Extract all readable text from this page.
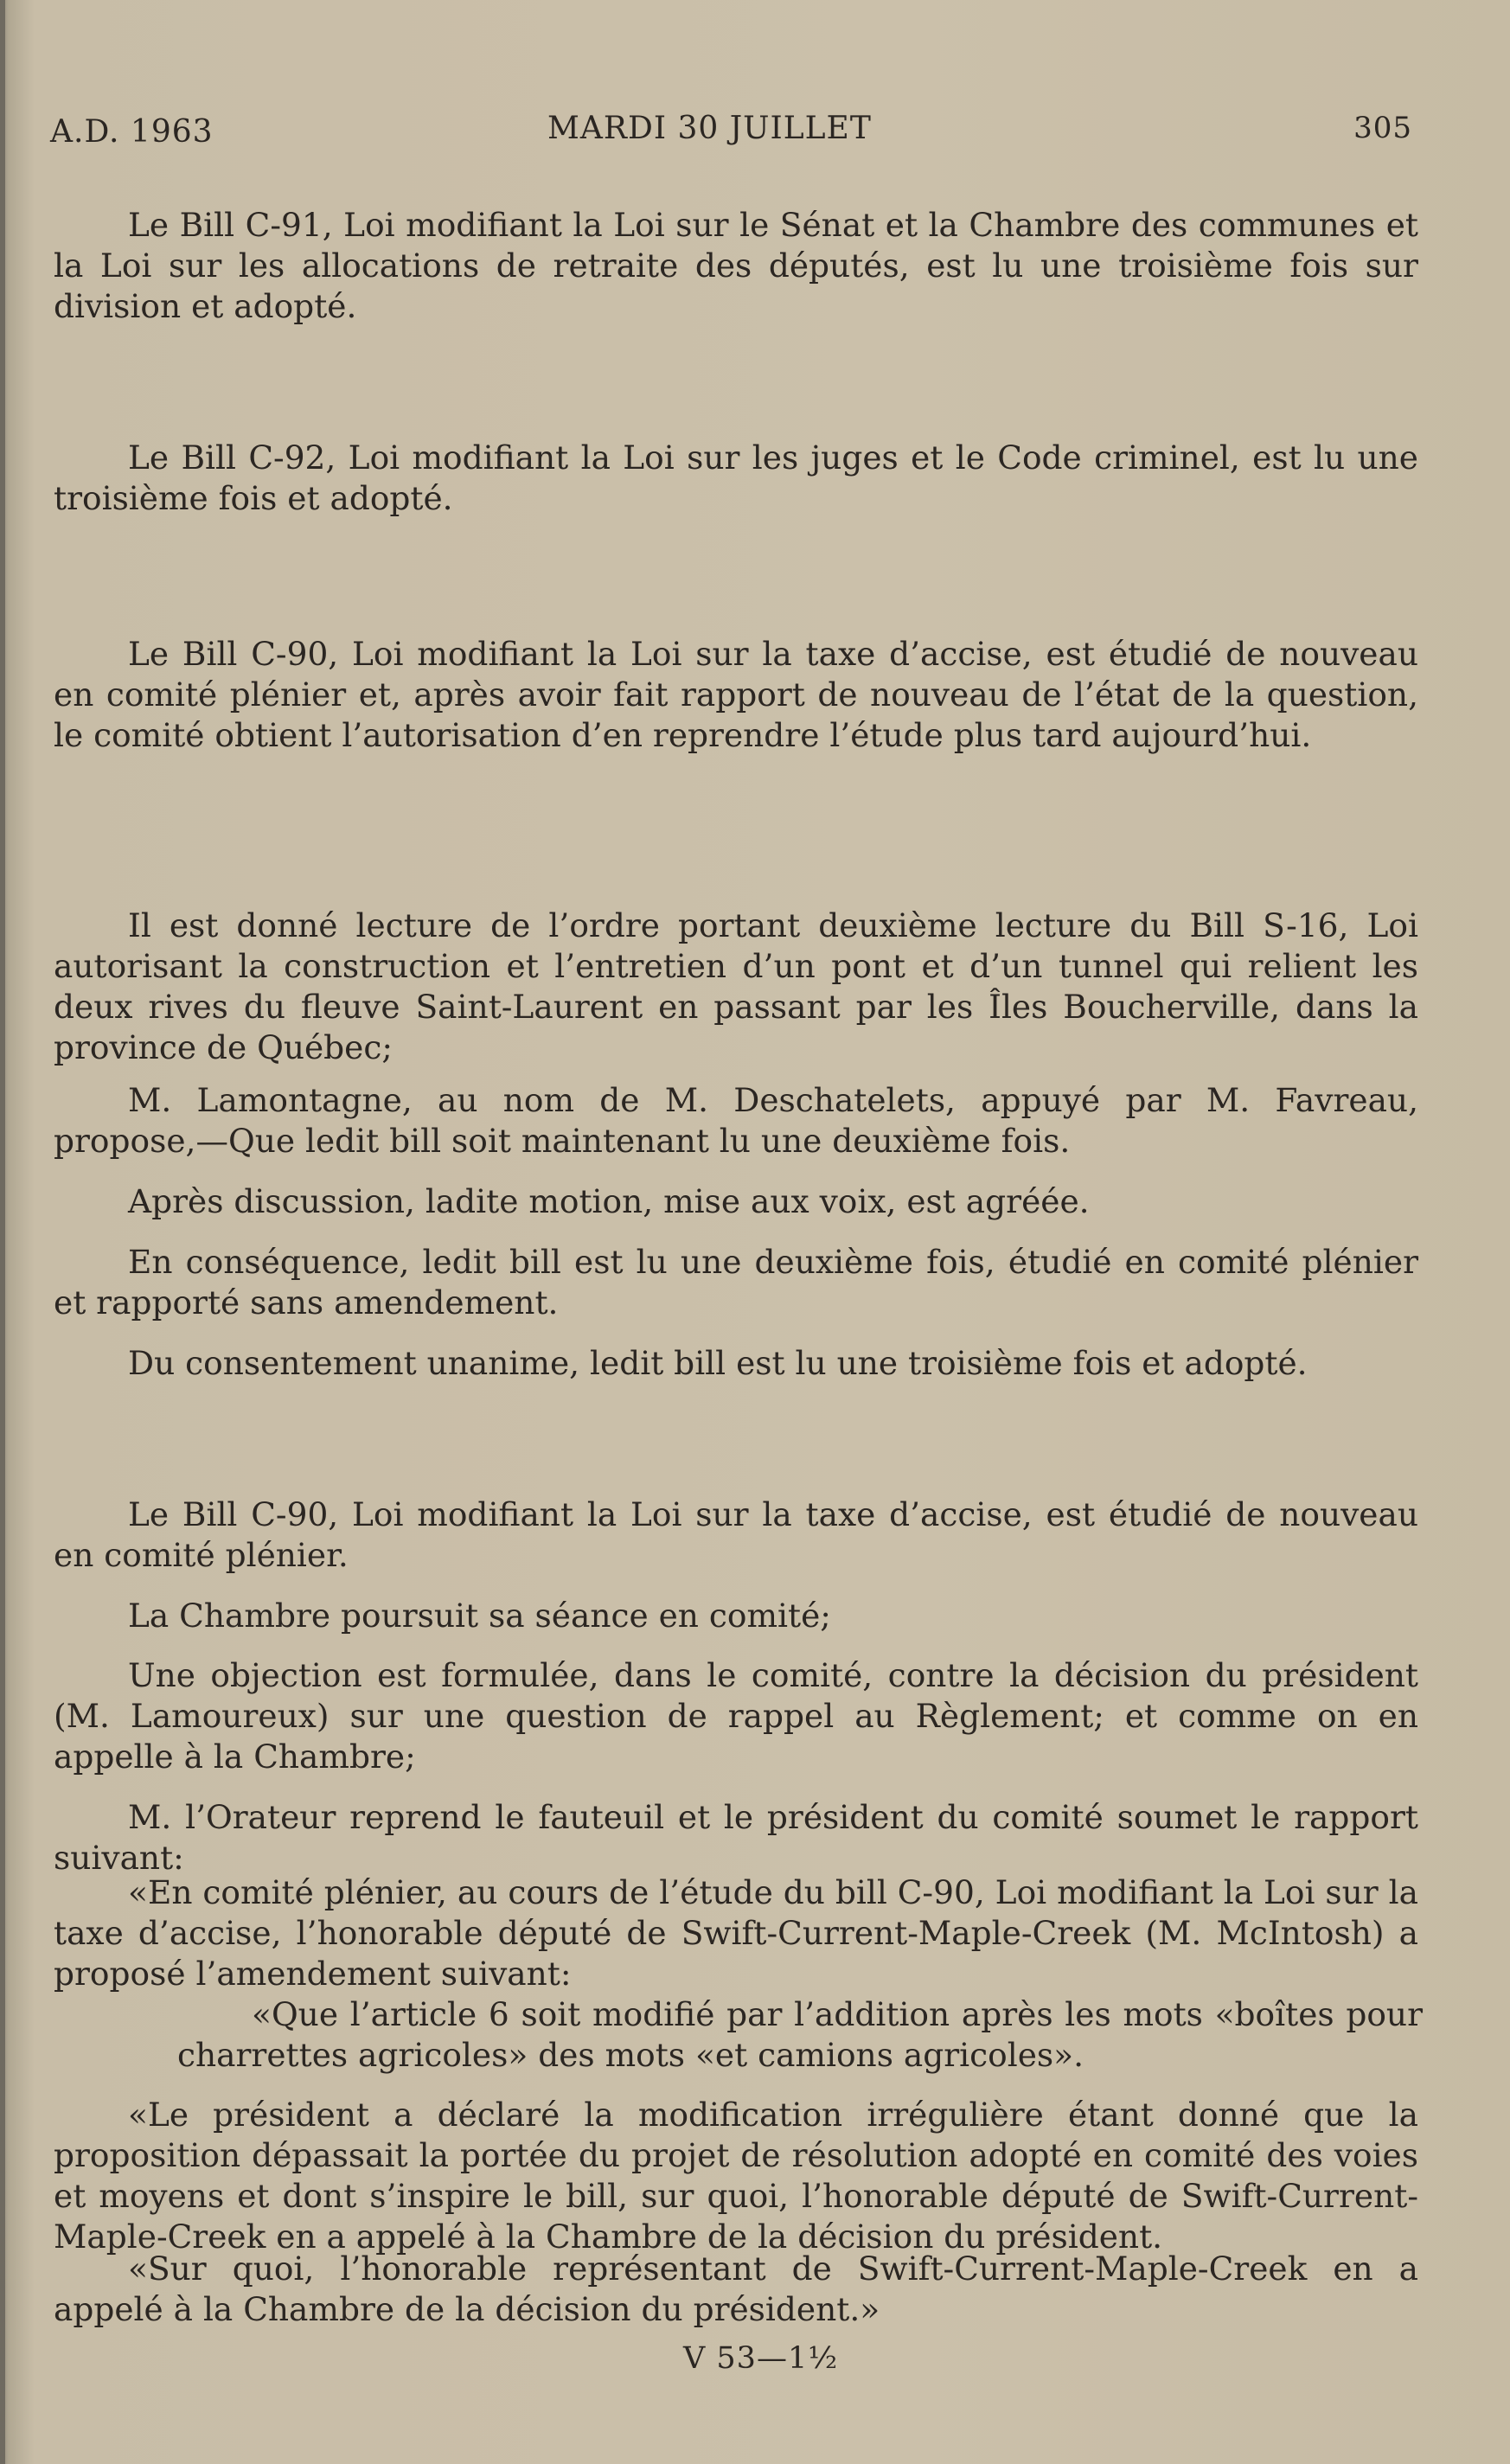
A.D. 1963	MARDI 30 JUILLET	305

Le Bill C-91, Loi modifiant la Loi sur le Sénat et la Chambre des communes et la Loi sur les allocations de retraite des députés, est lu une troisième fois sur division et adopté.

Le Bill C-92, Loi modifiant la Loi sur les juges et le Code criminel, est lu une troisième fois et adopté.

Le Bill C-90, Loi modifiant la Loi sur la taxe d’accise, est étudié de nouveau en comité plénier et, après avoir fait rapport de nouveau de l’état de la question, le comité obtient l’autorisation d’en reprendre l’étude plus tard aujourd’hui.

Il est donné lecture de l’ordre portant deuxième lecture du Bill S-16, Loi autorisant la construction et l’entretien d’un pont et d’un tunnel qui relient les deux rives du fleuve Saint-Laurent en passant par les Îles Boucherville, dans la province de Québec;

M. Lamontagne, au nom de M. Deschatelets, appuyé par M. Favreau, propose,—Que ledit bill soit maintenant lu une deuxième fois.

Après discussion, ladite motion, mise aux voix, est agréée.

En conséquence, ledit bill est lu une deuxième fois, étudié en comité plénier et rapporté sans amendement.

Du consentement unanime, ledit bill est lu une troisième fois et adopté.

Le Bill C-90, Loi modifiant la Loi sur la taxe d’accise, est étudié de nouveau en comité plénier.

La Chambre poursuit sa séance en comité;

Une objection est formulée, dans le comité, contre la décision du président (M. Lamoureux) sur une question de rappel au Règlement; et comme on en appelle à la Chambre;

M. l’Orateur reprend le fauteuil et le président du comité soumet le rapport suivant:

«En comité plénier, au cours de l’étude du bill C-90, Loi modifiant la Loi sur la taxe d’accise, l’honorable député de Swift-Current-Maple-Creek (M. McIntosh) a proposé l’amendement suivant:

«Que l’article 6 soit modifié par l’addition après les mots «boîtes pour charrettes agricoles» des mots «et camions agricoles».

«Le président a déclaré la modification irrégulière étant donné que la proposition dépassait la portée du projet de résolution adopté en comité des voies et moyens et dont s’inspire le bill, sur quoi, l’honorable député de Swift-Current-Maple-Creek en a appelé à la Chambre de la décision du président.

«Sur quoi, l’honorable représentant de Swift-Current-Maple-Creek en a appelé à la Chambre de la décision du président.»

V 53—1½
